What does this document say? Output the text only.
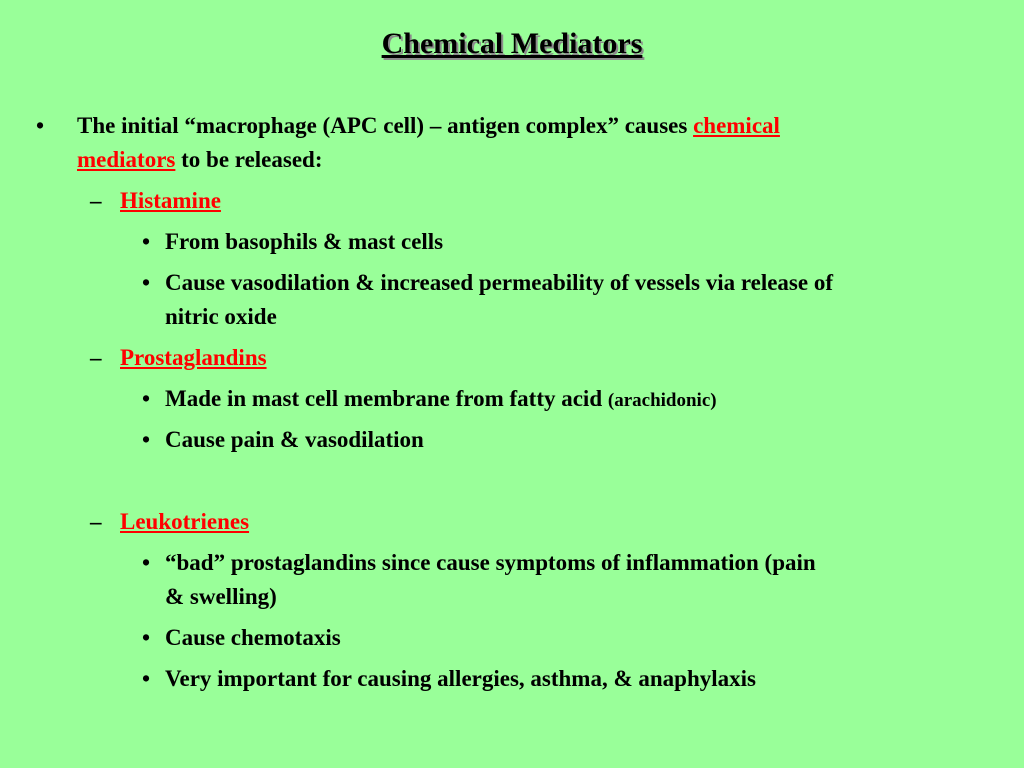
Chemical Mediators
• The initial “macrophage (APC cell) – antigen complex” causes chemical
mediators to be released:
– Histamine
• From basophils & mast cells
• Cause vasodilation & increased permeability of vessels via release of
nitric oxide
– Prostaglandins
• Made in mast cell membrane from fatty acid (arachidonic)
• Cause pain & vasodilation
– Leukotrienes
• “bad” prostaglandins since cause symptoms of inflammation (pain
& swelling)
• Cause chemotaxis
• Very important for causing allergies, asthma, & anaphylaxis
